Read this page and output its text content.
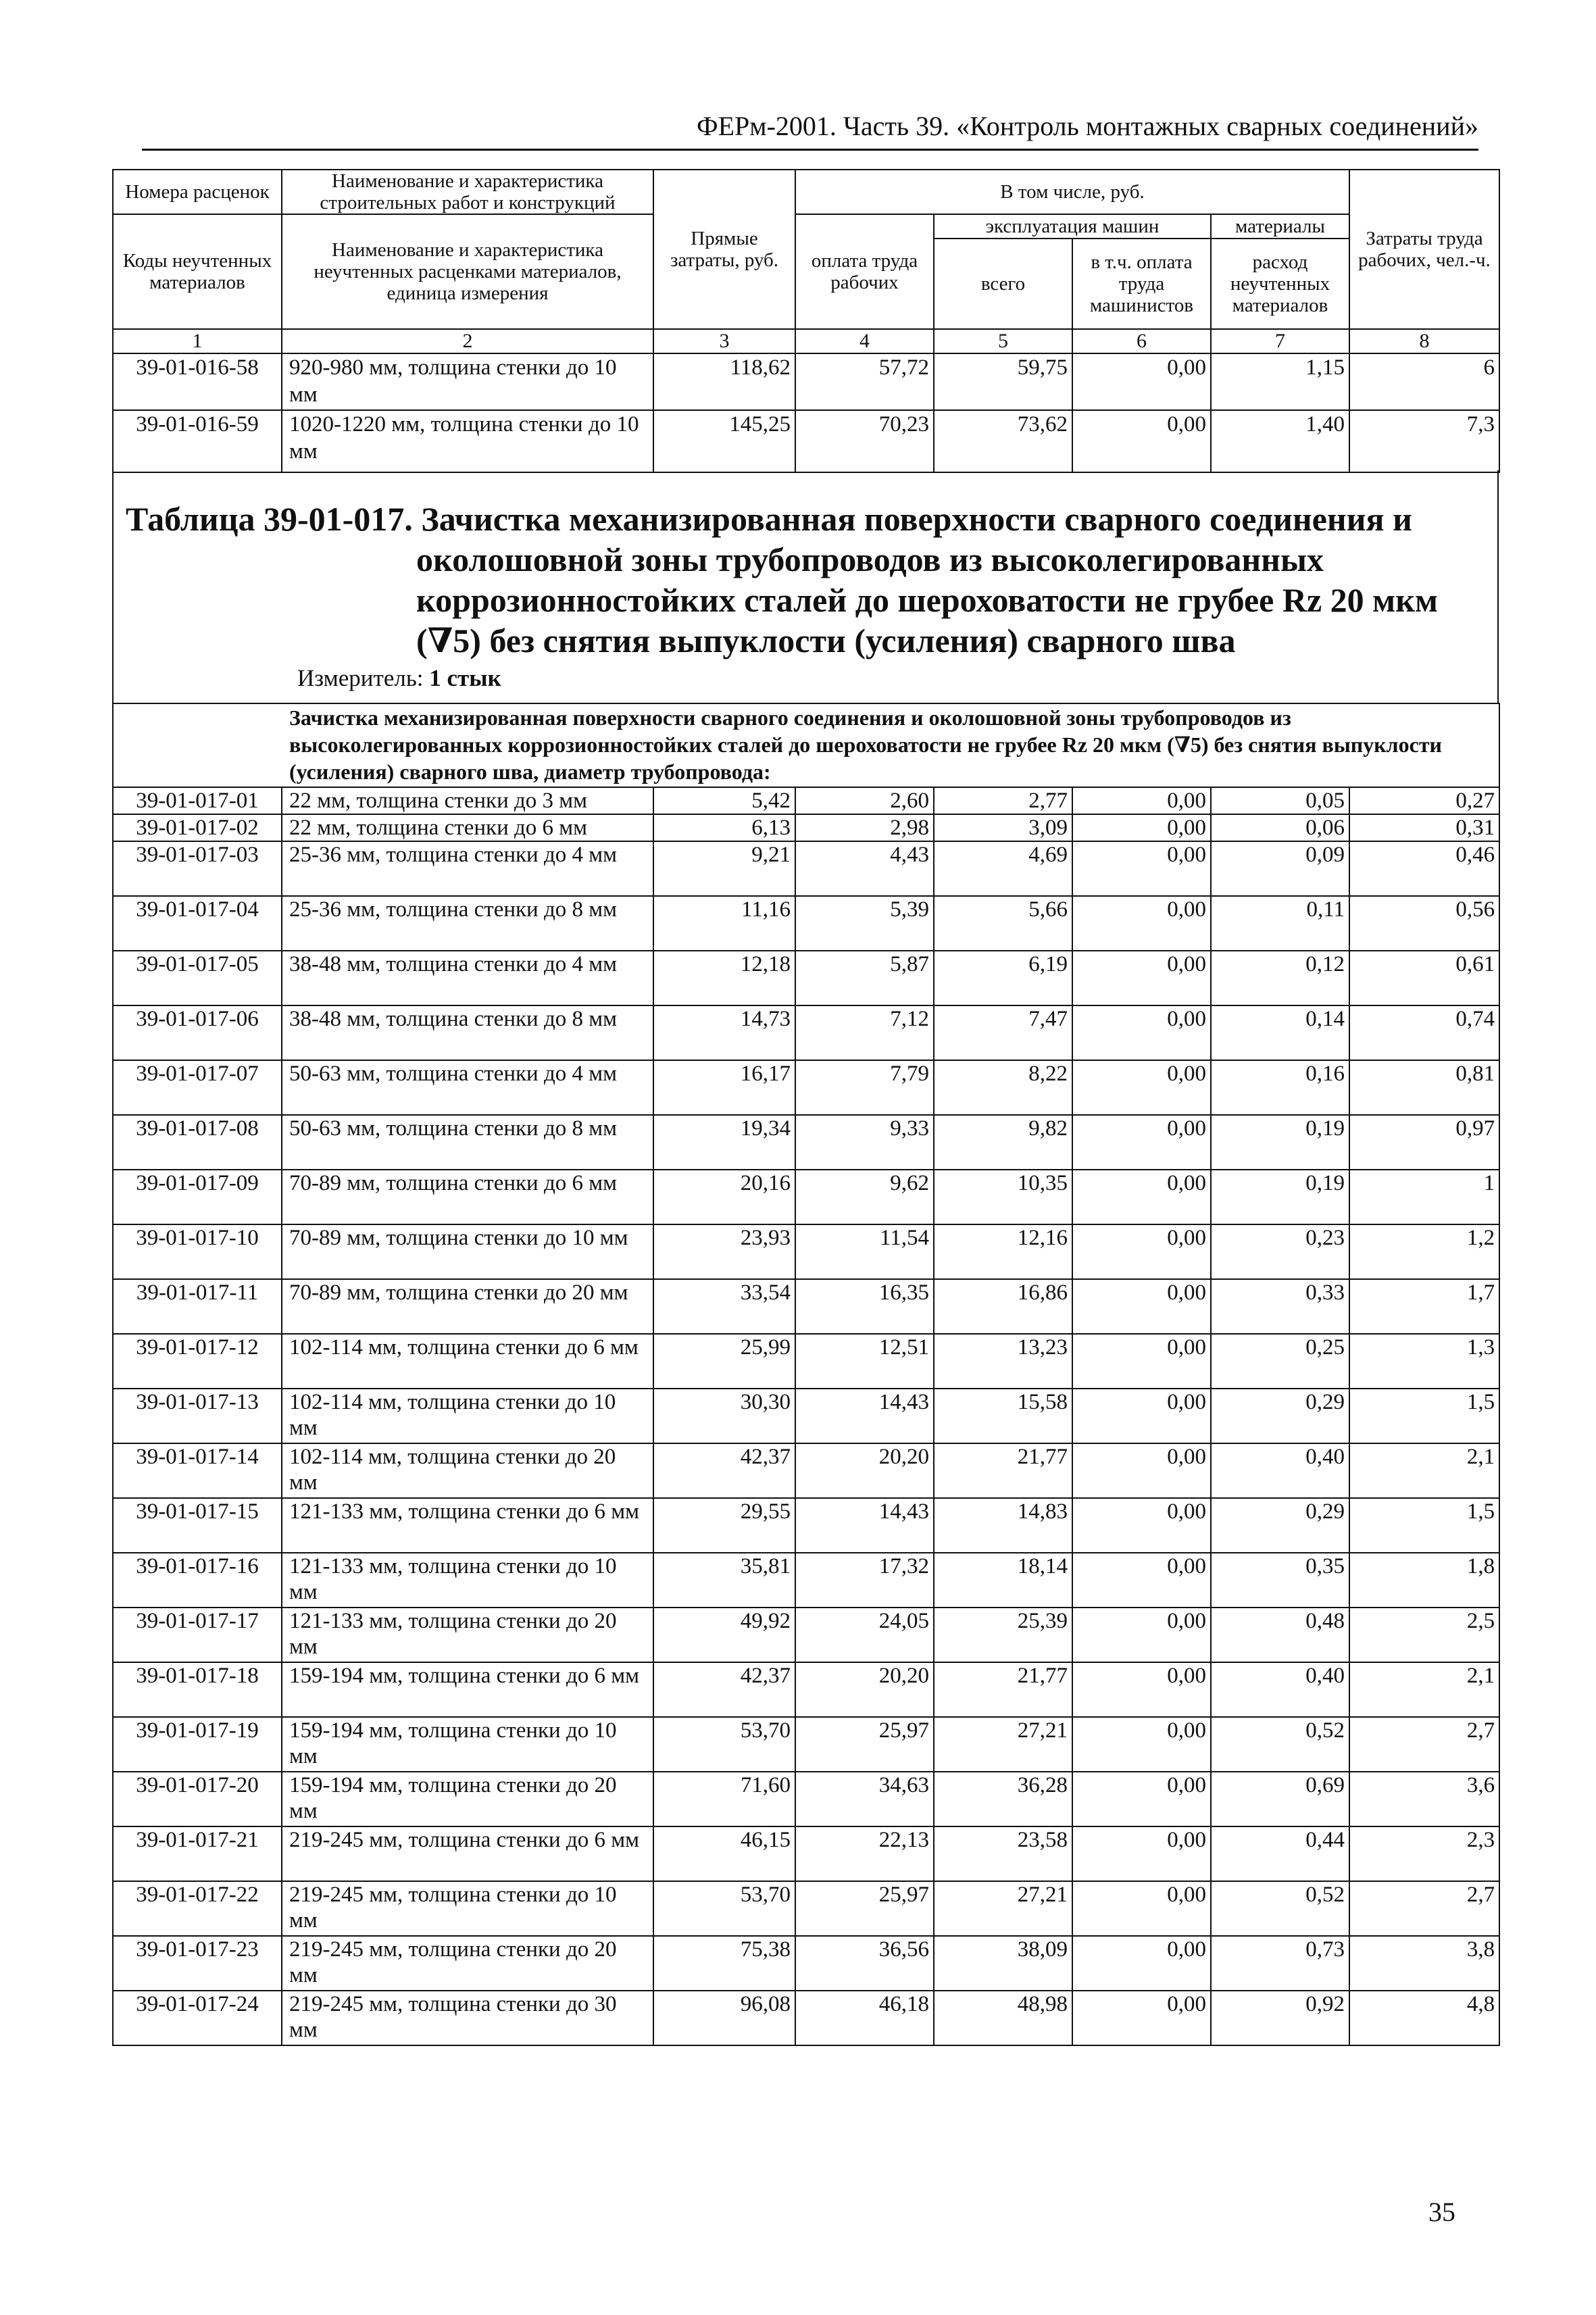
ФЕРм-2001. Часть 39. «Контроль монтажных сварных соединений»
Номера расценок	Наименование и характеристика строительных работ и конструкций	Прямые затраты, руб.	В том числе, руб.				Затраты труда рабочих, чел.-ч.
Коды неучтенных материалов	Наименование и характеристика неучтенных расценками материалов, единица измерения		оплата труда рабочих	эксплуатация машин		материалы	
				всего	в т.ч. оплата труда машинистов	расход неучтенных материалов	

1	2	3	4	5	6	7	8
39-01-016-58	920-980 мм, толщина стенки до 10 мм	118,62	57,72	59,75	0,00	1,15	6
39-01-016-59	1020-1220 мм, толщина стенки до 10 мм	145,25	70,23	73,62	0,00	1,40	7,3
Таблица 39-01-017. Зачистка механизированная поверхности сварного соединения и
околошовной зоны трубопроводов из высоколегированных
коррозионностойких сталей до шероховатости не грубее Rz 20 мкм
(∇5) без снятия выпуклости (усиления) сварного шва
Измеритель: 1 стык
Зачистка механизированная поверхности сварного соединения и околошовной зоны трубопроводов из высоколегированных коррозионностойких сталей до шероховатости не грубее Rz 20 мкм (∇5) без снятия выпуклости (усиления) сварного шва, диаметр трубопровода:							
39-01-017-01	22 мм, толщина стенки до 3 мм	5,42	2,60	2,77	0,00	0,05	0,27
39-01-017-02	22 мм, толщина стенки до 6 мм	6,13	2,98	3,09	0,00	0,06	0,31
39-01-017-03	25-36 мм, толщина стенки до 4 мм	9,21	4,43	4,69	0,00	0,09	0,46
39-01-017-04	25-36 мм, толщина стенки до 8 мм	11,16	5,39	5,66	0,00	0,11	0,56
39-01-017-05	38-48 мм, толщина стенки до 4 мм	12,18	5,87	6,19	0,00	0,12	0,61
39-01-017-06	38-48 мм, толщина стенки до 8 мм	14,73	7,12	7,47	0,00	0,14	0,74
39-01-017-07	50-63 мм, толщина стенки до 4 мм	16,17	7,79	8,22	0,00	0,16	0,81
39-01-017-08	50-63 мм, толщина стенки до 8 мм	19,34	9,33	9,82	0,00	0,19	0,97
39-01-017-09	70-89 мм, толщина стенки до 6 мм	20,16	9,62	10,35	0,00	0,19	1
39-01-017-10	70-89 мм, толщина стенки до 10 мм	23,93	11,54	12,16	0,00	0,23	1,2
39-01-017-11	70-89 мм, толщина стенки до 20 мм	33,54	16,35	16,86	0,00	0,33	1,7
39-01-017-12	102-114 мм, толщина стенки до 6 мм	25,99	12,51	13,23	0,00	0,25	1,3
39-01-017-13	102-114 мм, толщина стенки до 10 мм	30,30	14,43	15,58	0,00	0,29	1,5
39-01-017-14	102-114 мм, толщина стенки до 20 мм	42,37	20,20	21,77	0,00	0,40	2,1
39-01-017-15	121-133 мм, толщина стенки до 6 мм	29,55	14,43	14,83	0,00	0,29	1,5
39-01-017-16	121-133 мм, толщина стенки до 10 мм	35,81	17,32	18,14	0,00	0,35	1,8
39-01-017-17	121-133 мм, толщина стенки до 20 мм	49,92	24,05	25,39	0,00	0,48	2,5
39-01-017-18	159-194 мм, толщина стенки до 6 мм	42,37	20,20	21,77	0,00	0,40	2,1
39-01-017-19	159-194 мм, толщина стенки до 10 мм	53,70	25,97	27,21	0,00	0,52	2,7
39-01-017-20	159-194 мм, толщина стенки до 20 мм	71,60	34,63	36,28	0,00	0,69	3,6
39-01-017-21	219-245 мм, толщина стенки до 6 мм	46,15	22,13	23,58	0,00	0,44	2,3
39-01-017-22	219-245 мм, толщина стенки до 10 мм	53,70	25,97	27,21	0,00	0,52	2,7
39-01-017-23	219-245 мм, толщина стенки до 20 мм	75,38	36,56	38,09	0,00	0,73	3,8
39-01-017-24	219-245 мм, толщина стенки до 30 мм	96,08	46,18	48,98	0,00	0,92	4,8
35
